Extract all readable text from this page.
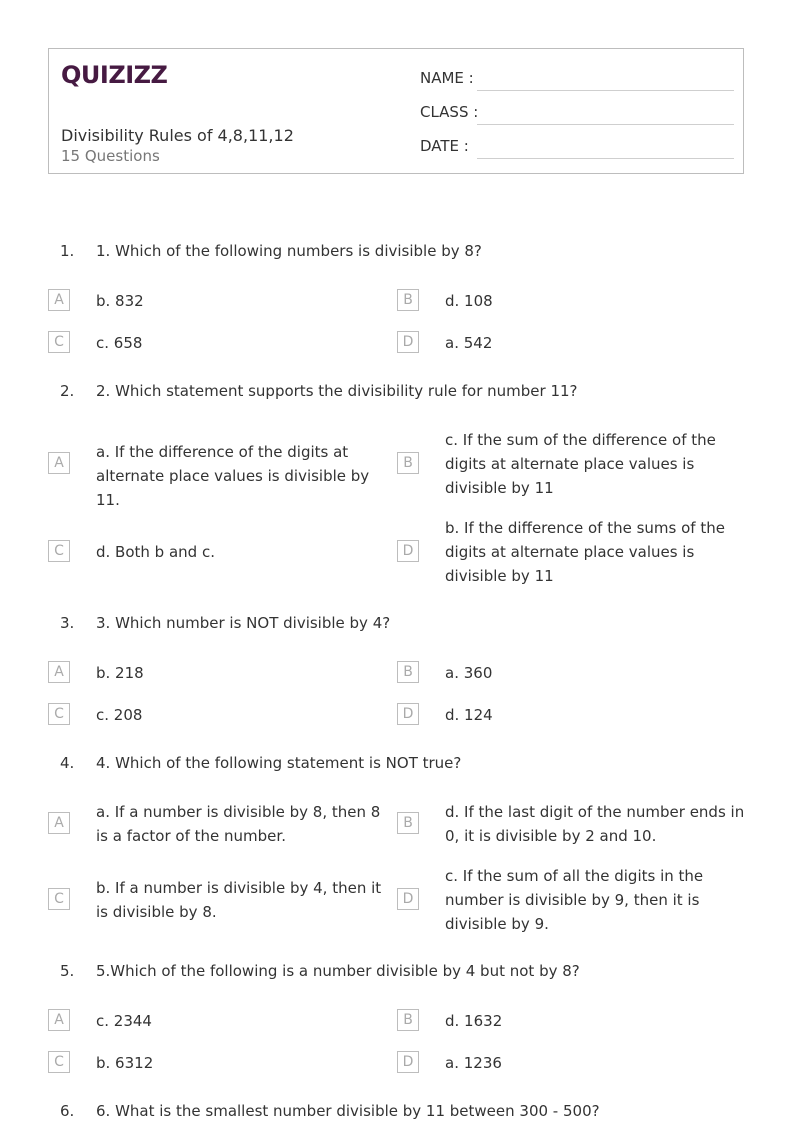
QUIZIZZ
Divisibility Rules of 4,8,11,12
15 Questions
NAME :
CLASS :
DATE :
1.	1. Which of the following numbers is divisible by 8?
A	b. 832	B	d. 108
C	c. 658	D	a. 542
2.	2. Which statement supports the divisibility rule for number 11?
A
a. If the difference of the digits at alternate place values is divisible by 11.
B
c. If the sum of the difference of the digits at alternate place values is divisible by 11
C	d. Both b and c.	D
b. If the difference of the sums of the digits at alternate place values is divisible by 11
3.	3. Which number is NOT divisible by 4?
A	b. 218	B	a. 360
C	c. 208	D	d. 124
4.	4. Which of the following statement is NOT true?
A
a. If a number is divisible by 8, then 8 is a factor of the number.
B
d. If the last digit of the number ends in 0, it is divisible by 2 and 10.
C
b. If a number is divisible by 4, then it is divisible by 8.
D
c. If the sum of all the digits in the number is divisible by 9, then it is divisible by 9.
5.	5.Which of the following is a number divisible by 4 but not by 8?
A	c. 2344	B	d. 1632
C	b. 6312	D	a. 1236
6.	6. What is the smallest number divisible by 11 between 300 - 500?
